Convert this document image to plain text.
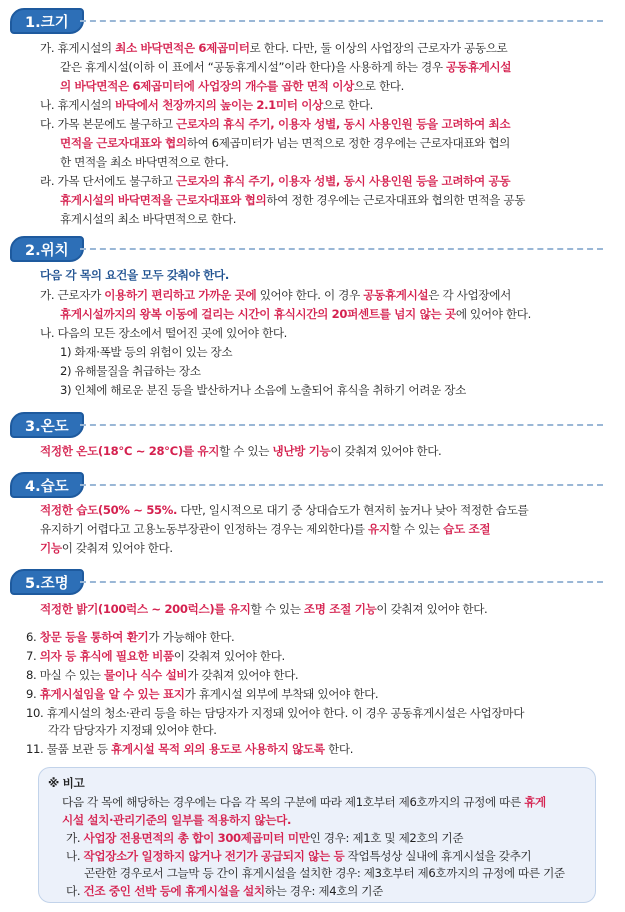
1.크기
가. 휴게시설의 최소 바닥면적은 6제곱미터로 한다. 다만, 둘 이상의 사업장의 근로자가 공동으로
같은 휴게시설(이하 이 표에서 “공동휴게시설”이라 한다)을 사용하게 하는 경우 공동휴게시설
의 바닥면적은 6제곱미터에 사업장의 개수를 곱한 면적 이상으로 한다.
나. 휴게시설의 바닥에서 천장까지의 높이는 2.1미터 이상으로 한다.
다. 가목 본문에도 불구하고 근로자의 휴식 주기, 이용자 성별, 동시 사용인원 등을 고려하여 최소
면적을 근로자대표와 협의하여 6제곱미터가 넘는 면적으로 정한 경우에는 근로자대표와 협의
한 면적을 최소 바닥면적으로 한다.
라. 가목 단서에도 불구하고 근로자의 휴식 주기, 이용자 성별, 동시 사용인원 등을 고려하여 공동
휴게시설의 바닥면적을 근로자대표와 협의하여 정한 경우에는 근로자대표와 협의한 면적을 공동
휴게시설의 최소 바닥면적으로 한다.
2.위치
다음 각 목의 요건을 모두 갖춰야 한다.
가. 근로자가 이용하기 편리하고 가까운 곳에 있어야 한다. 이 경우 공동휴게시설은 각 사업장에서
휴게시설까지의 왕복 이동에 걸리는 시간이 휴식시간의 20퍼센트를 넘지 않는 곳에 있어야 한다.
나. 다음의 모든 장소에서 떨어진 곳에 있어야 한다.
1) 화재·폭발 등의 위험이 있는 장소
2) 유해물질을 취급하는 장소
3) 인체에 해로운 분진 등을 발산하거나 소음에 노출되어 휴식을 취하기 어려운 장소
3.온도
적정한 온도(18℃ ~ 28℃)를 유지할 수 있는 냉난방 기능이 갖춰져 있어야 한다.
4.습도
적정한 습도(50% ~ 55%. 다만, 일시적으로 대기 중 상대습도가 현저히 높거나 낮아 적정한 습도를
유지하기 어렵다고 고용노동부장관이 인정하는 경우는 제외한다)를 유지할 수 있는 습도 조절
기능이 갖춰져 있어야 한다.
5.조명
적정한 밝기(100럭스 ~ 200럭스)를 유지할 수 있는 조명 조절 기능이 갖춰져 있어야 한다.
6. 창문 등을 통하여 환기가 가능해야 한다.
7. 의자 등 휴식에 필요한 비품이 갖춰져 있어야 한다.
8. 마실 수 있는 물이나 식수 설비가 갖춰져 있어야 한다.
9. 휴게시설임을 알 수 있는 표지가 휴게시설 외부에 부착돼 있어야 한다.
10. 휴게시설의 청소·관리 등을 하는 담당자가 지정돼 있어야 한다. 이 경우 공동휴게시설은 사업장마다
각각 담당자가 지정돼 있어야 한다.
11. 물품 보관 등 휴게시설 목적 외의 용도로 사용하지 않도록 한다.
※ 비고
다음 각 목에 해당하는 경우에는 다음 각 목의 구분에 따라 제1호부터 제6호까지의 규정에 따른 휴게
시설 설치·관리기준의 일부를 적용하지 않는다.
가. 사업장 전용면적의 총 합이 300제곱미터 미만인 경우: 제1호 및 제2호의 기준
나. 작업장소가 일정하지 않거나 전기가 공급되지 않는 등 작업특성상 실내에 휴게시설을 갖추기
곤란한 경우로서 그늘막 등 간이 휴게시설을 설치한 경우: 제3호부터 제6호까지의 규정에 따른 기준
다. 건조 중인 선박 등에 휴게시설을 설치하는 경우: 제4호의 기준
